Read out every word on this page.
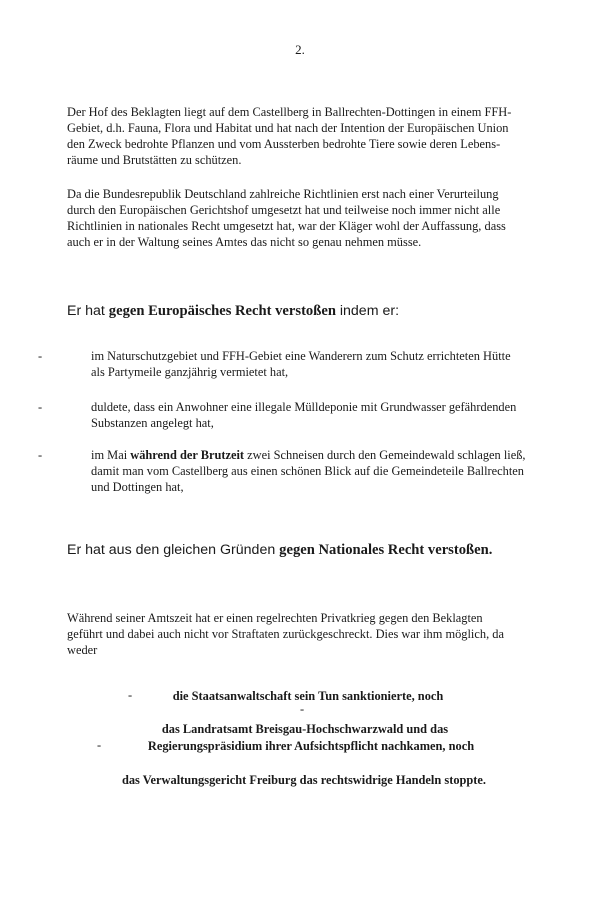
2.
Der Hof des Beklagten liegt auf dem Castellberg in Ballrechten-Dottingen in einem FFH-
Gebiet, d.h. Fauna, Flora und Habitat und hat nach der Intention der Europäischen Union
den Zweck bedrohte Pflanzen und vom Aussterben bedrohte Tiere sowie deren Lebens-
räume und Brutstätten zu schützen.
Da die Bundesrepublik Deutschland zahlreiche Richtlinien erst nach einer Verurteilung
durch den Europäischen Gerichtshof umgesetzt hat und teilweise noch immer nicht alle
Richtlinien in nationales Recht umgesetzt hat, war der Kläger wohl der Auffassung, dass
auch er in der Waltung seines Amtes das nicht so genau nehmen müsse.

Er hat gegen Europäisches Recht verstoßen indem er:

-	im Naturschutzgebiet und FFH-Gebiet eine Wanderern zum Schutz errichteten Hütte
als Partymeile ganzjährig vermietet hat,
-	duldete, dass ein Anwohner eine illegale Mülldeponie mit Grundwasser gefährdenden
Substanzen angelegt hat,
-	im Mai während der Brutzeit zwei Schneisen durch den Gemeindewald schlagen ließ,
damit man vom Castellberg aus einen schönen Blick auf die Gemeindeteile Ballrechten
und Dottingen hat,

Er hat aus den gleichen Gründen gegen Nationales Recht verstoßen.

Während seiner Amtszeit hat er einen regelrechten Privatkrieg gegen den Beklagten
geführt und dabei auch nicht vor Straftaten zurückgeschreckt. Dies war ihm möglich, da
weder
-	die Staatsanwaltschaft sein Tun sanktionierte, noch
-
das Landratsamt Breisgau-Hochschwarzwald und das
-	Regierungspräsidium ihrer Aufsichtspflicht nachkamen, noch
das Verwaltungsgericht Freiburg das rechtswidrige Handeln stoppte.
